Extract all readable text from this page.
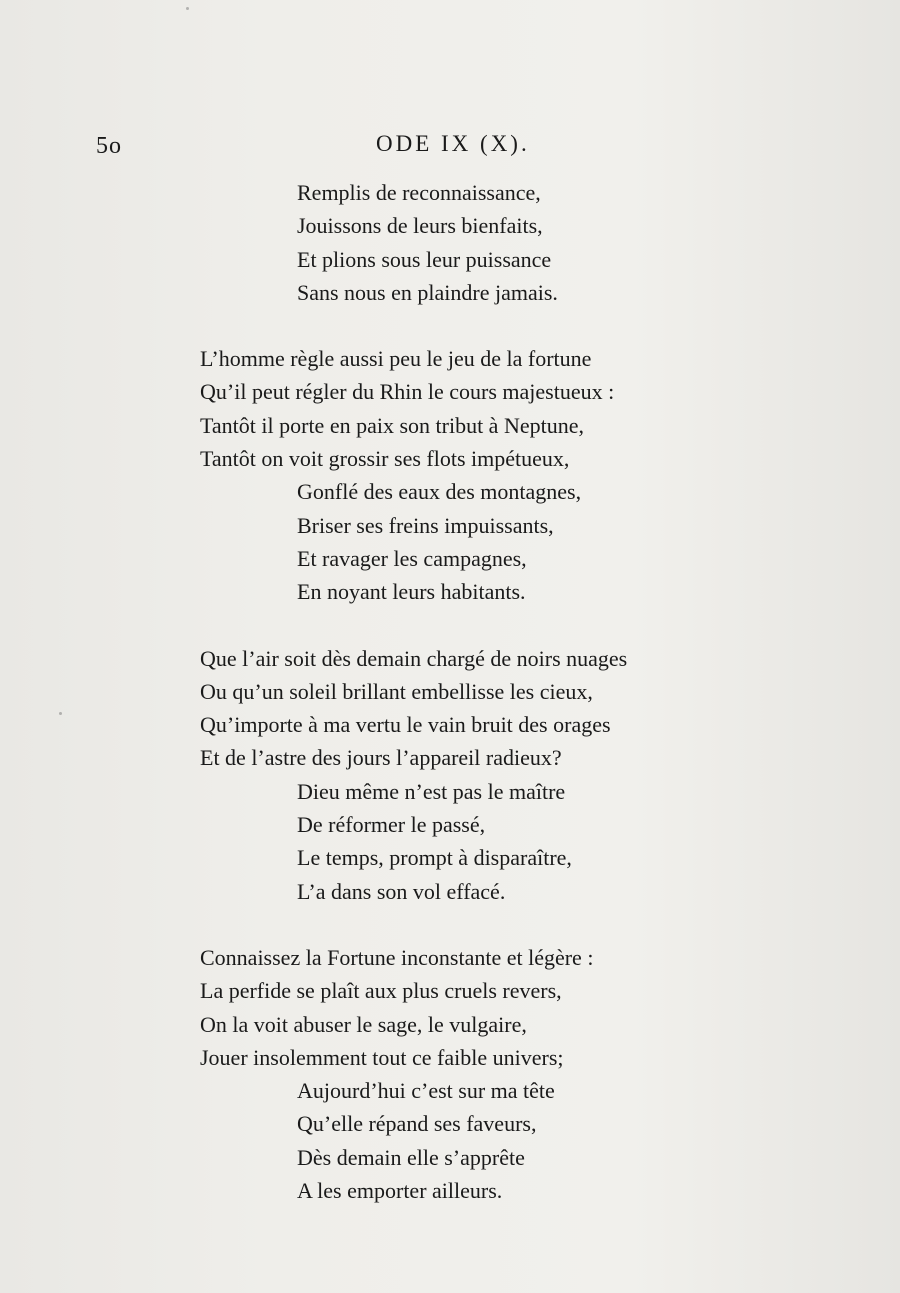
5o	ODE IX (X).
Remplis de reconnaissance,
Jouissons de leurs bienfaits,
Et plions sous leur puissance
Sans nous en plaindre jamais.
L’homme règle aussi peu le jeu de la fortune
Qu’il peut régler du Rhin le cours majestueux :
Tantôt il porte en paix son tribut à Neptune,
Tantôt on voit grossir ses flots impétueux,
Gonflé des eaux des montagnes,
Briser ses freins impuissants,
Et ravager les campagnes,
En noyant leurs habitants.
Que l’air soit dès demain chargé de noirs nuages
Ou qu’un soleil brillant embellisse les cieux,
Qu’importe à ma vertu le vain bruit des orages
Et de l’astre des jours l’appareil radieux?
Dieu même n’est pas le maître
De réformer le passé,
Le temps, prompt à disparaître,
L’a dans son vol effacé.
Connaissez la Fortune inconstante et légère :
La perfide se plaît aux plus cruels revers,
On la voit abuser le sage, le vulgaire,
Jouer insolemment tout ce faible univers;
Aujourd’hui c’est sur ma tête
Qu’elle répand ses faveurs,
Dès demain elle s’apprête
A les emporter ailleurs.
